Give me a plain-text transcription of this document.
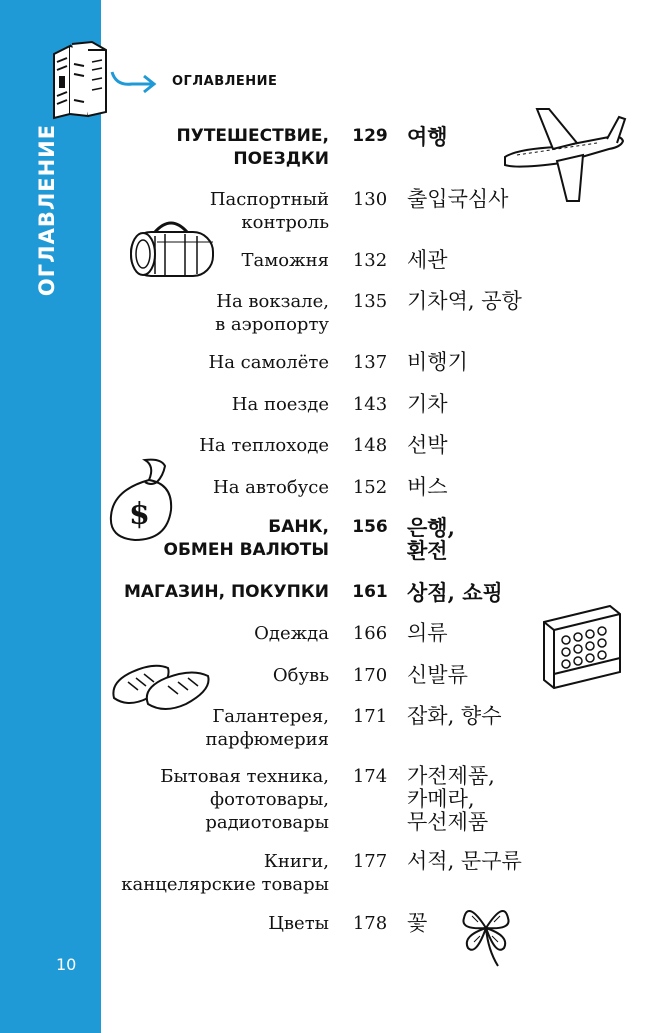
ОГЛАВЛЕНИЕ
10
ОГЛАВЛЕНИЕ
ПУТЕШЕСТВИЕ,
ПОЕЗДКИ
129 여행
Паспортный
контроль
130 출입국심사
Таможня 132 세관
На вокзале,
в аэропорту
135 기차역, 공항
На самолёте 137 비행기
На поезде 143 기차
На теплоходе 148 선박
На автобусе 152 버스
БАНК,
ОБМЕН ВАЛЮТЫ
156 은행,
환전
МАГАЗИН, ПОКУПКИ 161 상점, 쇼핑
Одежда 166 의류
Обувь 170 신발류
Галантерея,
парфюмерия
171 잡화, 향수
Бытовая техника,
фототовары,
радиотовары
174 가전제품,
카메라,
무선제품
Книги,
канцелярские товары
177 서적, 문구류
Цветы 178 꽃
$
